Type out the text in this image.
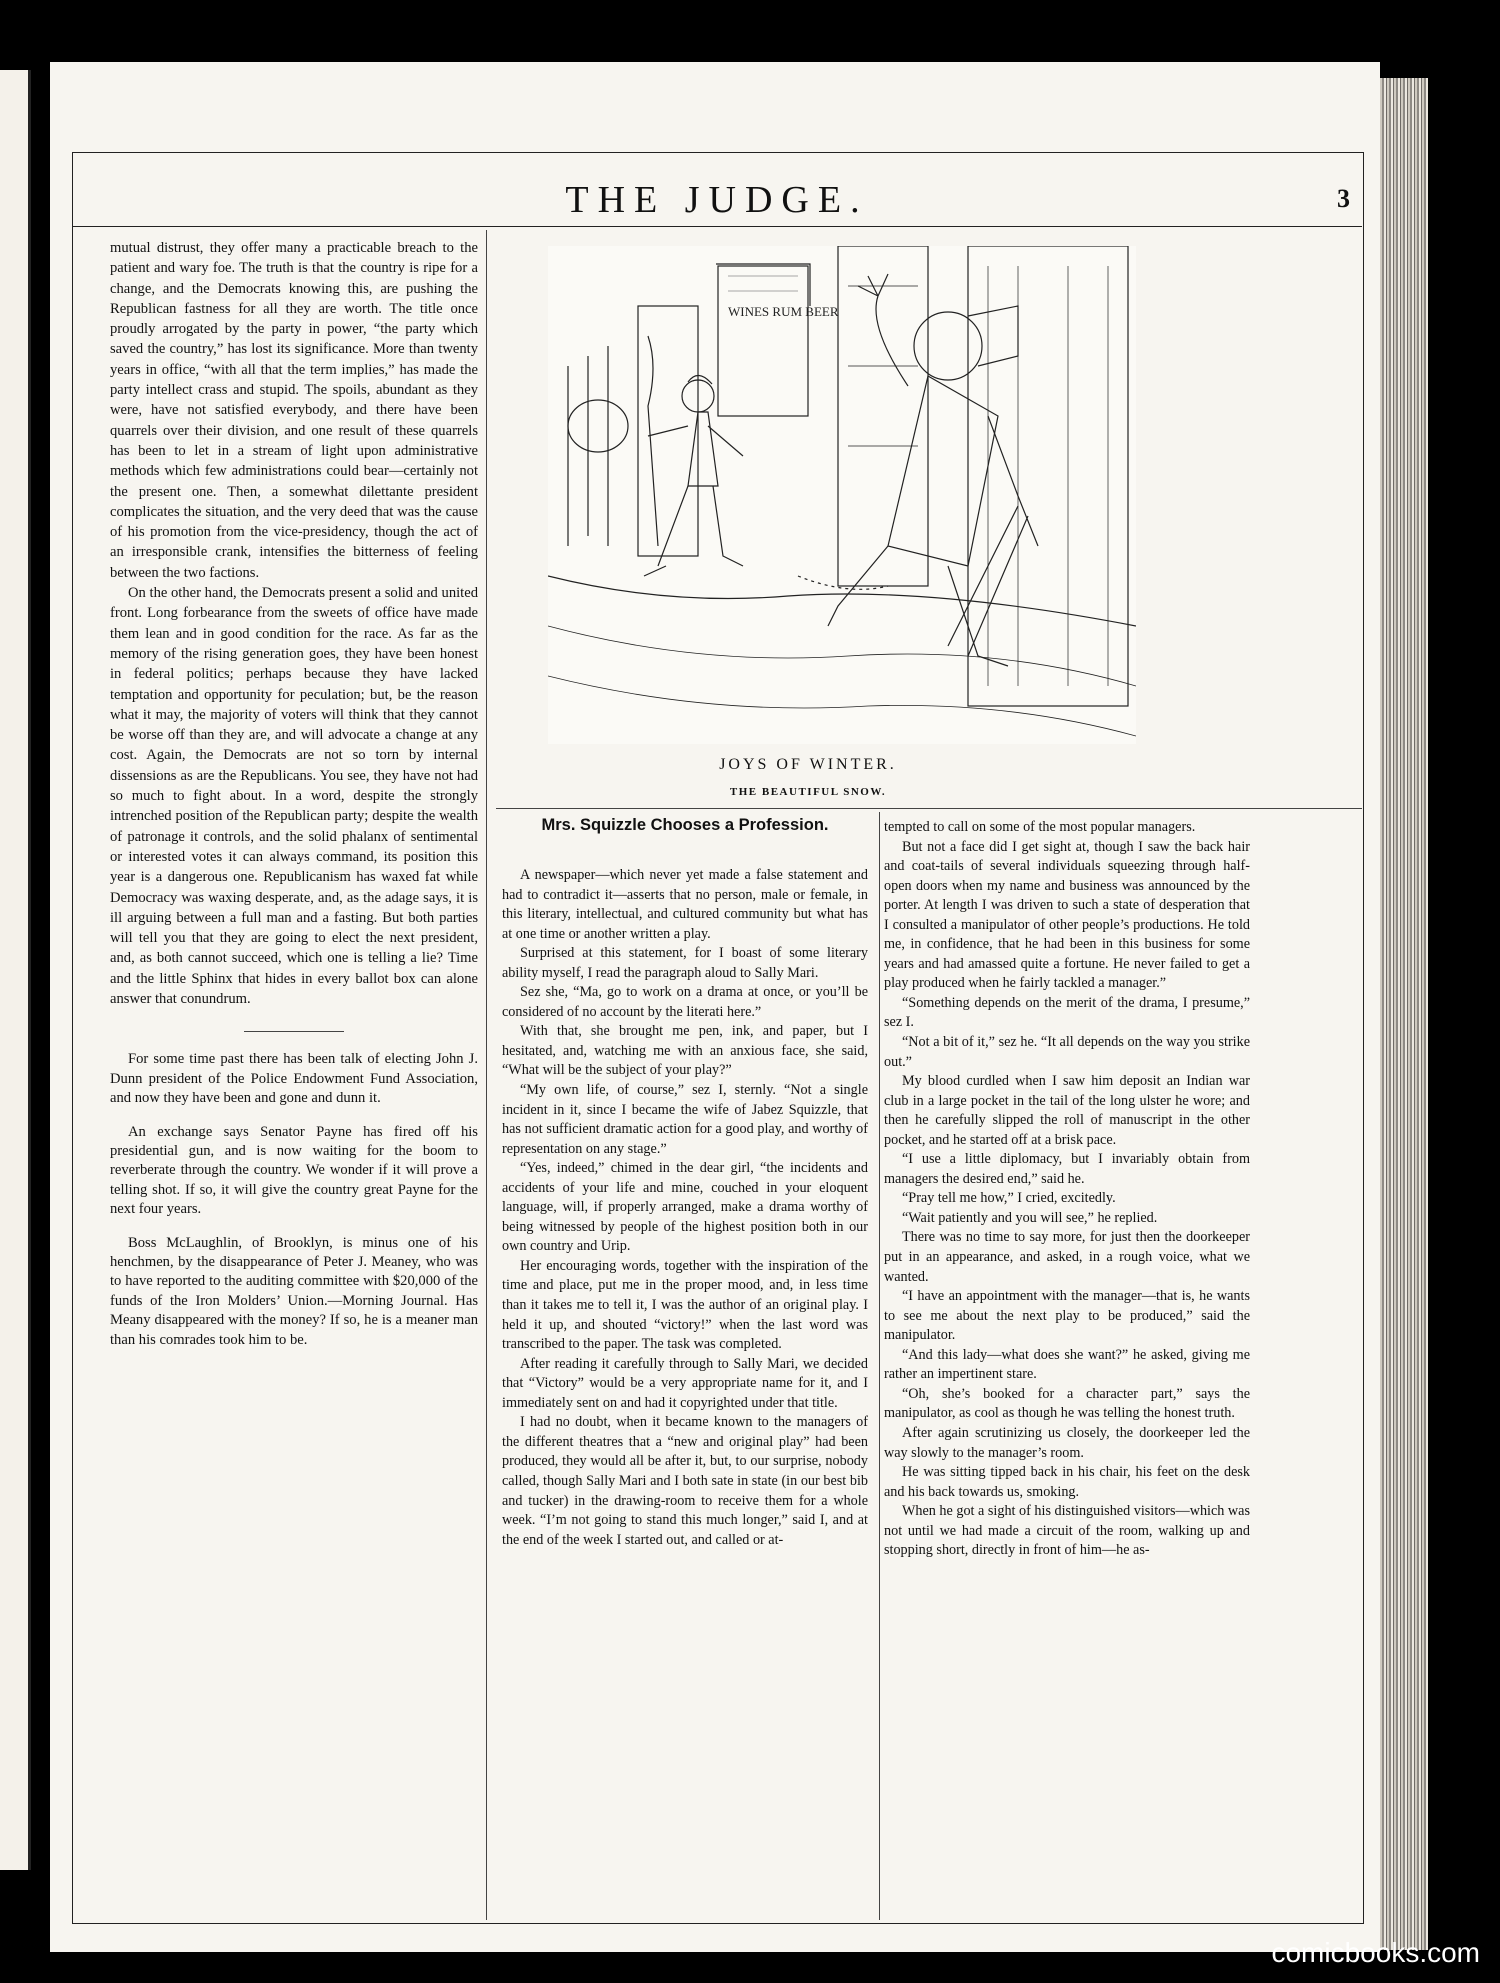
THE JUDGE.	3

mutual distrust, they offer many a practicable breach to the patient and wary foe. The truth is that the country is ripe for a change, and the Democrats knowing this, are pushing the Republican fastness for all they are worth. The title once proudly arrogated by the party in power, “the party which saved the country,” has lost its significance. More than twenty years in office, “with all that the term implies,” has made the party intellect crass and stupid. The spoils, abundant as they were, have not satisfied everybody, and there have been quarrels over their division, and one result of these quarrels has been to let in a stream of light upon administrative methods which few administrations could bear—certainly not the present one. Then, a somewhat dilettante president complicates the situation, and the very deed that was the cause of his promotion from the vice-presidency, though the act of an irresponsible crank, intensifies the bitterness of feeling between the two factions.

On the other hand, the Democrats present a solid and united front. Long forbearance from the sweets of office have made them lean and in good condition for the race. As far as the memory of the rising generation goes, they have been honest in federal politics; perhaps because they have lacked temptation and opportunity for peculation; but, be the reason what it may, the majority of voters will think that they cannot be worse off than they are, and will advocate a change at any cost. Again, the Democrats are not so torn by internal dissensions as are the Republicans. You see, they have not had so much to fight about. In a word, despite the strongly intrenched position of the Republican party; despite the wealth of patronage it controls, and the solid phalanx of sentimental or interested votes it can always command, its position this year is a dangerous one. Republicanism has waxed fat while Democracy was waxing desperate, and, as the adage says, it is ill arguing between a full man and a fasting. But both parties will tell you that they are going to elect the next president, and, as both cannot succeed, which one is telling a lie? Time and the little Sphinx that hides in every ballot box can alone answer that conundrum.

For some time past there has been talk of electing John J. Dunn president of the Police Endowment Fund Association, and now they have been and gone and dunn it.

An exchange says Senator Payne has fired off his presidential gun, and is now waiting for the boom to reverberate through the country. We wonder if it will prove a telling shot. If so, it will give the country great Payne for the next four years.

Boss McLaughlin, of Brooklyn, is minus one of his henchmen, by the disappearance of Peter J. Meaney, who was to have reported to the auditing committee with $20,000 of the funds of the Iron Molders’ Union.—Morning Journal. Has Meany disappeared with the money? If so, he is a meaner man than his comrades took him to be.

WINES RUM BEER
JOYS OF WINTER.
THE BEAUTIFUL SNOW.
Mrs. Squizzle Chooses a Profession.

A newspaper—which never yet made a false statement and had to contradict it—asserts that no person, male or female, in this literary, intellectual, and cultured community but what has at one time or another written a play.

Surprised at this statement, for I boast of some literary ability myself, I read the paragraph aloud to Sally Mari.

Sez she, “Ma, go to work on a drama at once, or you’ll be considered of no account by the literati here.”

With that, she brought me pen, ink, and paper, but I hesitated, and, watching me with an anxious face, she said, “What will be the subject of your play?”

“My own life, of course,” sez I, sternly. “Not a single incident in it, since I became the wife of Jabez Squizzle, that has not sufficient dramatic action for a good play, and worthy of representation on any stage.”

“Yes, indeed,” chimed in the dear girl, “the incidents and accidents of your life and mine, couched in your eloquent language, will, if properly arranged, make a drama worthy of being witnessed by people of the highest position both in our own country and Urip.

Her encouraging words, together with the inspiration of the time and place, put me in the proper mood, and, in less time than it takes me to tell it, I was the author of an original play. I held it up, and shouted “victory!” when the last word was transcribed to the paper. The task was completed.

After reading it carefully through to Sally Mari, we decided that “Victory” would be a very appropriate name for it, and I immediately sent on and had it copyrighted under that title.

I had no doubt, when it became known to the managers of the different theatres that a “new and original play” had been produced, they would all be after it, but, to our surprise, nobody called, though Sally Mari and I both sate in state (in our best bib and tucker) in the drawing-room to receive them for a whole week. “I’m not going to stand this much longer,” said I, and at the end of the week I started out, and called or at-

tempted to call on some of the most popular managers.

But not a face did I get sight at, though I saw the back hair and coat-tails of several individuals squeezing through half-open doors when my name and business was announced by the porter. At length I was driven to such a state of desperation that I consulted a manipulator of other people’s productions. He told me, in confidence, that he had been in this business for some years and had amassed quite a fortune. He never failed to get a play produced when he fairly tackled a manager.”

“Something depends on the merit of the drama, I presume,” sez I.

“Not a bit of it,” sez he. “It all depends on the way you strike out.”

My blood curdled when I saw him deposit an Indian war club in a large pocket in the tail of the long ulster he wore; and then he carefully slipped the roll of manuscript in the other pocket, and he started off at a brisk pace.

“I use a little diplomacy, but I invariably obtain from managers the desired end,” said he.

“Pray tell me how,” I cried, excitedly.

“Wait patiently and you will see,” he replied.

There was no time to say more, for just then the doorkeeper put in an appearance, and asked, in a rough voice, what we wanted.

“I have an appointment with the manager—that is, he wants to see me about the next play to be produced,” said the manipulator.

“And this lady—what does she want?” he asked, giving me rather an impertinent stare.

“Oh, she’s booked for a character part,” says the manipulator, as cool as though he was telling the honest truth.

After again scrutinizing us closely, the doorkeeper led the way slowly to the manager’s room.

He was sitting tipped back in his chair, his feet on the desk and his back towards us, smoking.

When he got a sight of his distinguished visitors—which was not until we had made a circuit of the room, walking up and stopping short, directly in front of him—he as-

comicbooks.com
